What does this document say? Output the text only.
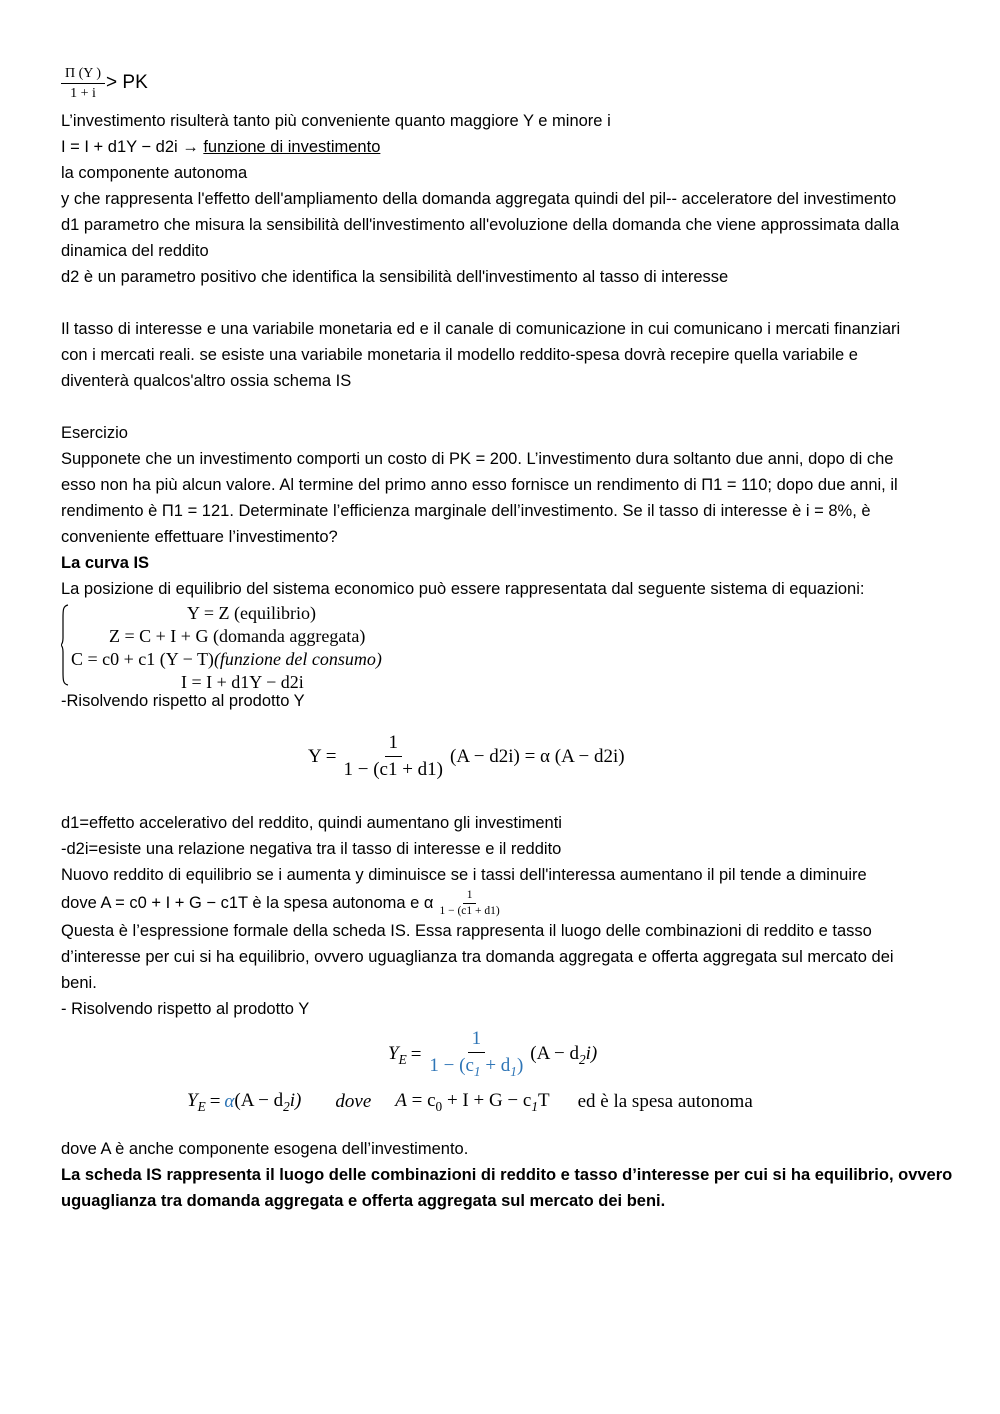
$\frac{\Pi (Y )}{1 + i}$ > PK
L’investimento risulterà tanto più conveniente quanto maggiore Y e minore i
I = I + d1Y − d2i → funzione di investimento
la componente autonoma
y che rappresenta l'effetto dell'ampliamento della domanda aggregata quindi del pil-- acceleratore del investimento
d1 parametro che misura la sensibilità dell'investimento all'evoluzione della domanda che viene approssimata dalla
dinamica del reddito
d2 è un parametro positivo che identifica la sensibilità dell'investimento al tasso di interesse
Il tasso di interesse e una variabile monetaria ed e il canale di comunicazione in cui comunicano i mercati finanziari
con i mercati reali. se esiste una variabile monetaria il modello reddito-spesa dovrà recepire quella variabile e
diventerà qualcos'altro ossia schema IS
Esercizio
Supponete che un investimento comporti un costo di PK = 200. L’investimento dura soltanto due anni, dopo di che
esso non ha più alcun valore. Al termine del primo anno esso fornisce un rendimento di Π1 = 110; dopo due anni, il
rendimento è Π1 = 121. Determinate l’efficienza marginale dell’investimento. Se il tasso di interesse è i = 8%, è
conveniente effettuare l’investimento?
La curva IS
La posizione di equilibrio del sistema economico può essere rappresentata dal seguente sistema di equazioni:
Y = Z (equilibrio)
Z = C + I + G (domanda aggregata)
C = c0 + c1 (Y − T)(funzione del consumo)
I = I + d1Y − d2i
-Risolvendo rispetto al prodotto Y
$Y = \frac{1}{1 - (c1 + d1)} (A - d2i) = \alpha$ (A − d2i)
d1=effetto accelerativo del reddito, quindi aumentano gli investimenti
-d2i=esiste una relazione negativa tra il tasso di interesse e il reddito
Nuovo reddito di equilibrio se i aumenta y diminuisce se i tassi dell'interessa aumentano il pil tende a diminuire
dove A = c0 + I + G − c1T è la spesa autonoma e α $\frac{1}{1 - (c1 + d1)}$
Questa è l’espressione formale della scheda IS. Essa rappresenta il luogo delle combinazioni di reddito e tasso
d’interesse per cui si ha equilibrio, ovvero uguaglianza tra domanda aggregata e offerta aggregata sul mercato dei
beni.
- Risolvendo rispetto al prodotto Y
$Y_E = \frac{1}{1 - (c_1 + d_1)} (A - d_2i)$
$Y_E = \alpha$ $(A - d_2i)$ dove $A = c_0 + I + G - c_1T$ ed è la spesa autonoma
dove A è anche componente esogena dell’investimento.
La scheda IS rappresenta il luogo delle combinazioni di reddito e tasso d’interesse per cui si ha equilibrio, ovvero
uguaglianza tra domanda aggregata e offerta aggregata sul mercato dei beni.
